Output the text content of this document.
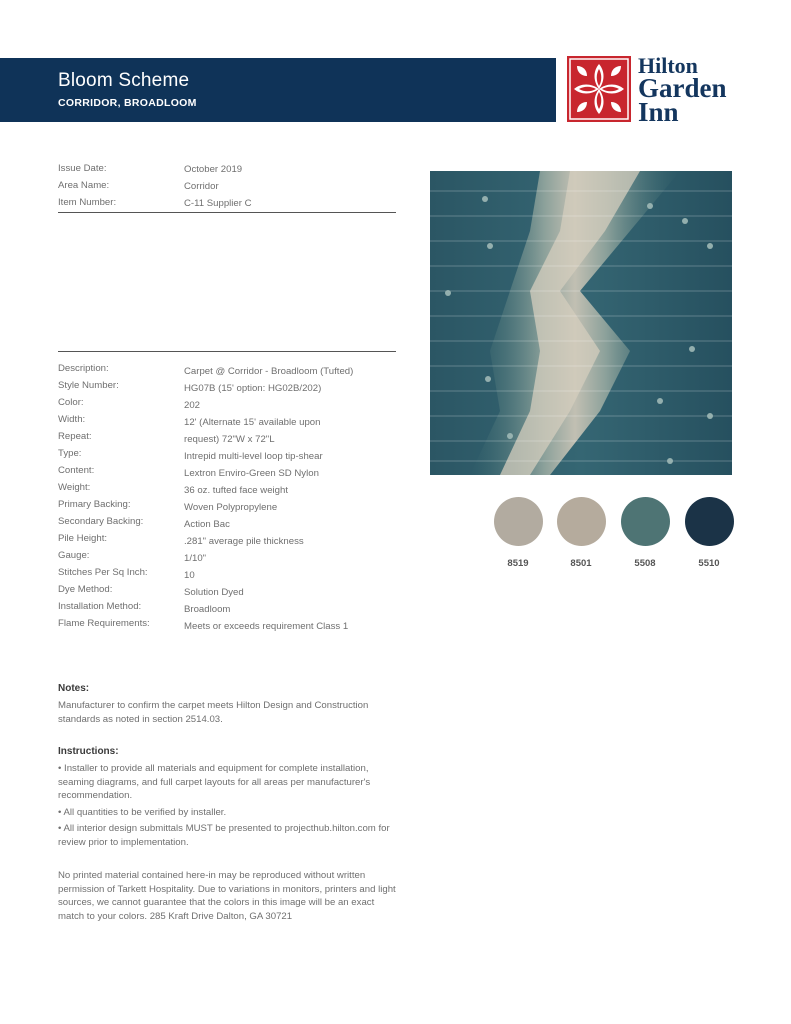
Bloom Scheme
CORRIDOR, BROADLOOM
Hilton
Garden
Inn
Issue Date:	October 2019
Area Name:	Corridor
Item Number:	C-11 Supplier C
Description:	Carpet @ Corridor - Broadloom (Tufted)
Style Number:	HG07B (15' option: HG02B/202)
Color:	202
Width:	12' (Alternate 15' available upon
Repeat:	request) 72"W x 72"L
Type:	Intrepid multi-level loop tip-shear
Content:	Lextron Enviro-Green SD Nylon
Weight:	36 oz. tufted face weight
Primary Backing:	Woven Polypropylene
Secondary Backing:	Action Bac
Pile Height:	.281" average pile thickness
Gauge:	1/10"
Stitches Per Sq Inch:	10
Dye Method:	Solution Dyed
Installation Method:	Broadloom
Flame Requirements:	Meets or exceeds requirement Class 1
8519	8501	5508	5510
Notes:
Manufacturer to confirm the carpet meets Hilton Design and Construction standards as noted in section 2514.03.
Instructions:
• Installer to provide all materials and equipment for complete installation, seaming diagrams, and full carpet layouts for all areas per manufacturer's recommendation.
• All quantities to be verified by installer.
• All interior design submittals MUST be presented to projecthub.hilton.com for review prior to implementation.
No printed material contained here-in may be reproduced without written permission of Tarkett Hospitality. Due to variations in monitors, printers and light sources, we cannot guarantee that the colors in this image will be an exact match to your colors. 285 Kraft Drive Dalton, GA 30721
